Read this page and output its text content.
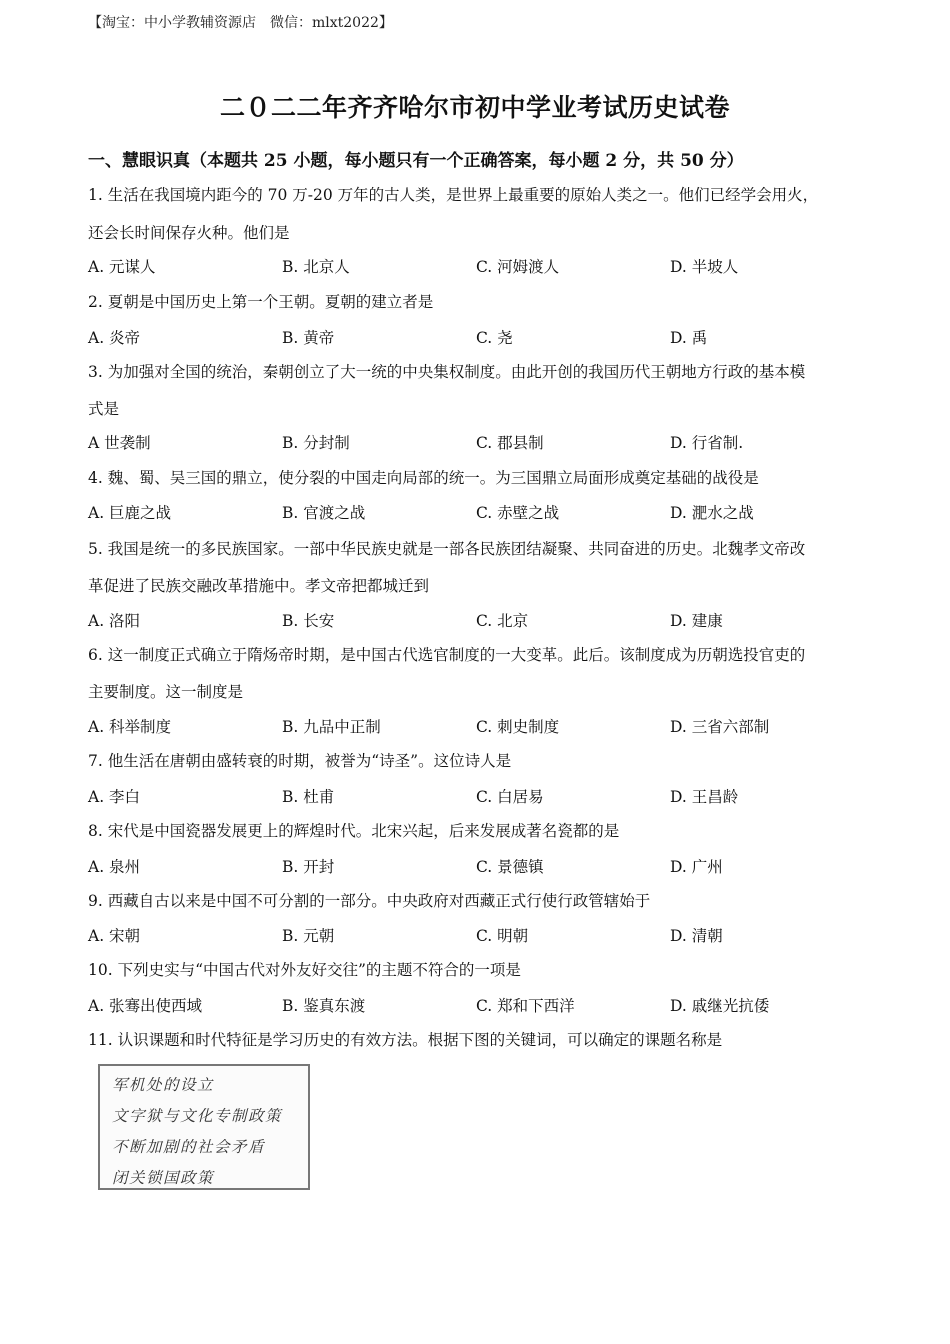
【淘宝：中小学教辅资源店　微信：mlxt2022】
二０二二年齐齐哈尔市初中学业考试历史试卷
一、慧眼识真（本题共 25 小题，每小题只有一个正确答案，每小题 2 分，共 50 分）
1. 生活在我国境内距今的 70 万-20 万年的古人类，是世界上最重要的原始人类之一。他们已经学会用火，
还会长时间保存火种。他们是
A. 元谋人	B. 北京人	C. 河姆渡人	D. 半坡人
2. 夏朝是中国历史上第一个王朝。夏朝的建立者是
A. 炎帝	B. 黄帝	C. 尧	D. 禹
3. 为加强对全国的统治，秦朝创立了大一统的中央集权制度。由此开创的我国历代王朝地方行政的基本模
式是
A 世袭制	B. 分封制	C. 郡县制	D. 行省制.
4. 魏、蜀、吴三国的鼎立，使分裂的中国走向局部的统一。为三国鼎立局面形成奠定基础的战役是
A. 巨鹿之战	B. 官渡之战	C. 赤壁之战	D. 淝水之战
5. 我国是统一的多民族国家。一部中华民族史就是一部各民族团结凝聚、共同奋进的历史。北魏孝文帝改
革促进了民族交融改革措施中。孝文帝把都城迁到
A. 洛阳	B. 长安	C. 北京	D. 建康
6. 这一制度正式确立于隋炀帝时期，是中国古代选官制度的一大变革。此后。该制度成为历朝选投官吏的
主要制度。这一制度是
A. 科举制度	B. 九品中正制	C. 刺史制度	D. 三省六部制
7. 他生活在唐朝由盛转衰的时期，被誉为“诗圣”。这位诗人是
A. 李白	B. 杜甫	C. 白居易	D. 王昌龄
8. 宋代是中国瓷器发展更上的辉煌时代。北宋兴起，后来发展成著名瓷都的是
A. 泉州	B. 开封	C. 景德镇	D. 广州
9. 西藏自古以来是中国不可分割的一部分。中央政府对西藏正式行使行政管辖始于
A. 宋朝	B. 元朝	C. 明朝	D. 清朝
10. 下列史实与“中国古代对外友好交往”的主题不符合的一项是
A. 张骞出使西域	B. 鉴真东渡	C. 郑和下西洋	D. 戚继光抗倭
11. 认识课题和时代特征是学习历史的有效方法。根据下图的关键词，可以确定的课题名称是
军机处的设立
文字狱与文化专制政策
不断加剧的社会矛盾
闭关锁国政策
